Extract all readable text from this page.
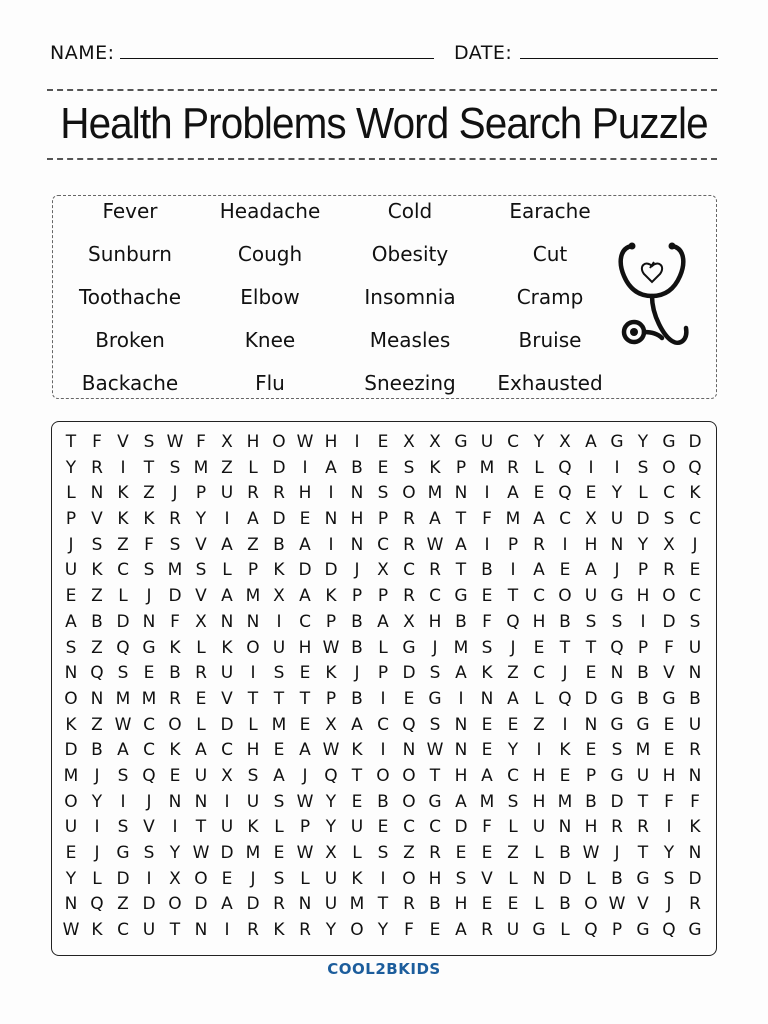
NAME:	DATE:
Health Problems Word Search Puzzle
Fever	Headache	Cold	Earache
Sunburn	Cough	Obesity	Cut
Toothache	Elbow	Insomnia	Cramp
Broken	Knee	Measles	Bruise
Backache	Flu	Sneezing	Exhausted
T F V S W F X H O W H	I	E X X G U C Y X A G Y G D
Y R	I	T S M Z L D I	A B E S K P M R L Q I	I	S O Q
L N K Z	J	P U R R H	I	N S O M N	I	A E Q E Y L C K
P V K K R Y	I	A D E N H P R A T F M A C X U D S C
J	S Z F S V A Z B A	I	N C R W A	I	P R	I	H N Y X	J
U K C S M S L P K D D J	X C R T B	I	A E A	J	P R E
E Z L	J D V A M X A K P P R C G E T C O U G H O C
A B D N F X N N	I	C P B A X H B F Q H B S S	I D S
S Z Q G K L K O U H W B L G J M S	J	E T T Q P F U
N Q S E B R U	I	S E K	J	P D S A K Z C	J	E N B V N
O N M M R E V T T T P B	I	E G I	N A L Q D G B G B
K Z W C O L D L M E X A C Q S N E E Z	I	N G G E U
D B A C K A C H E A W K	I	N W N E Y	I	K E S M E R
M J	S Q E U X S A	J Q T O O T H A C H E P G U H N
O Y	I	J	N N	I	U S W Y E B O G A M S H M B D T F F
U	I	S V	I	T U K L P Y U E C C D F L U N H R R	I	K
E	J G S Y W D M E W X L S Z R E E Z L B W J	T Y N
Y L D I	X O E	J	S L U K	I O H S V L N D L B G S D
N Q Z D O D A D R N U M T R B H E E L B O W V	J	R
W K C U T N	I	R K R Y O Y F E A R U G L Q P G Q G
COOL2BKIDS
